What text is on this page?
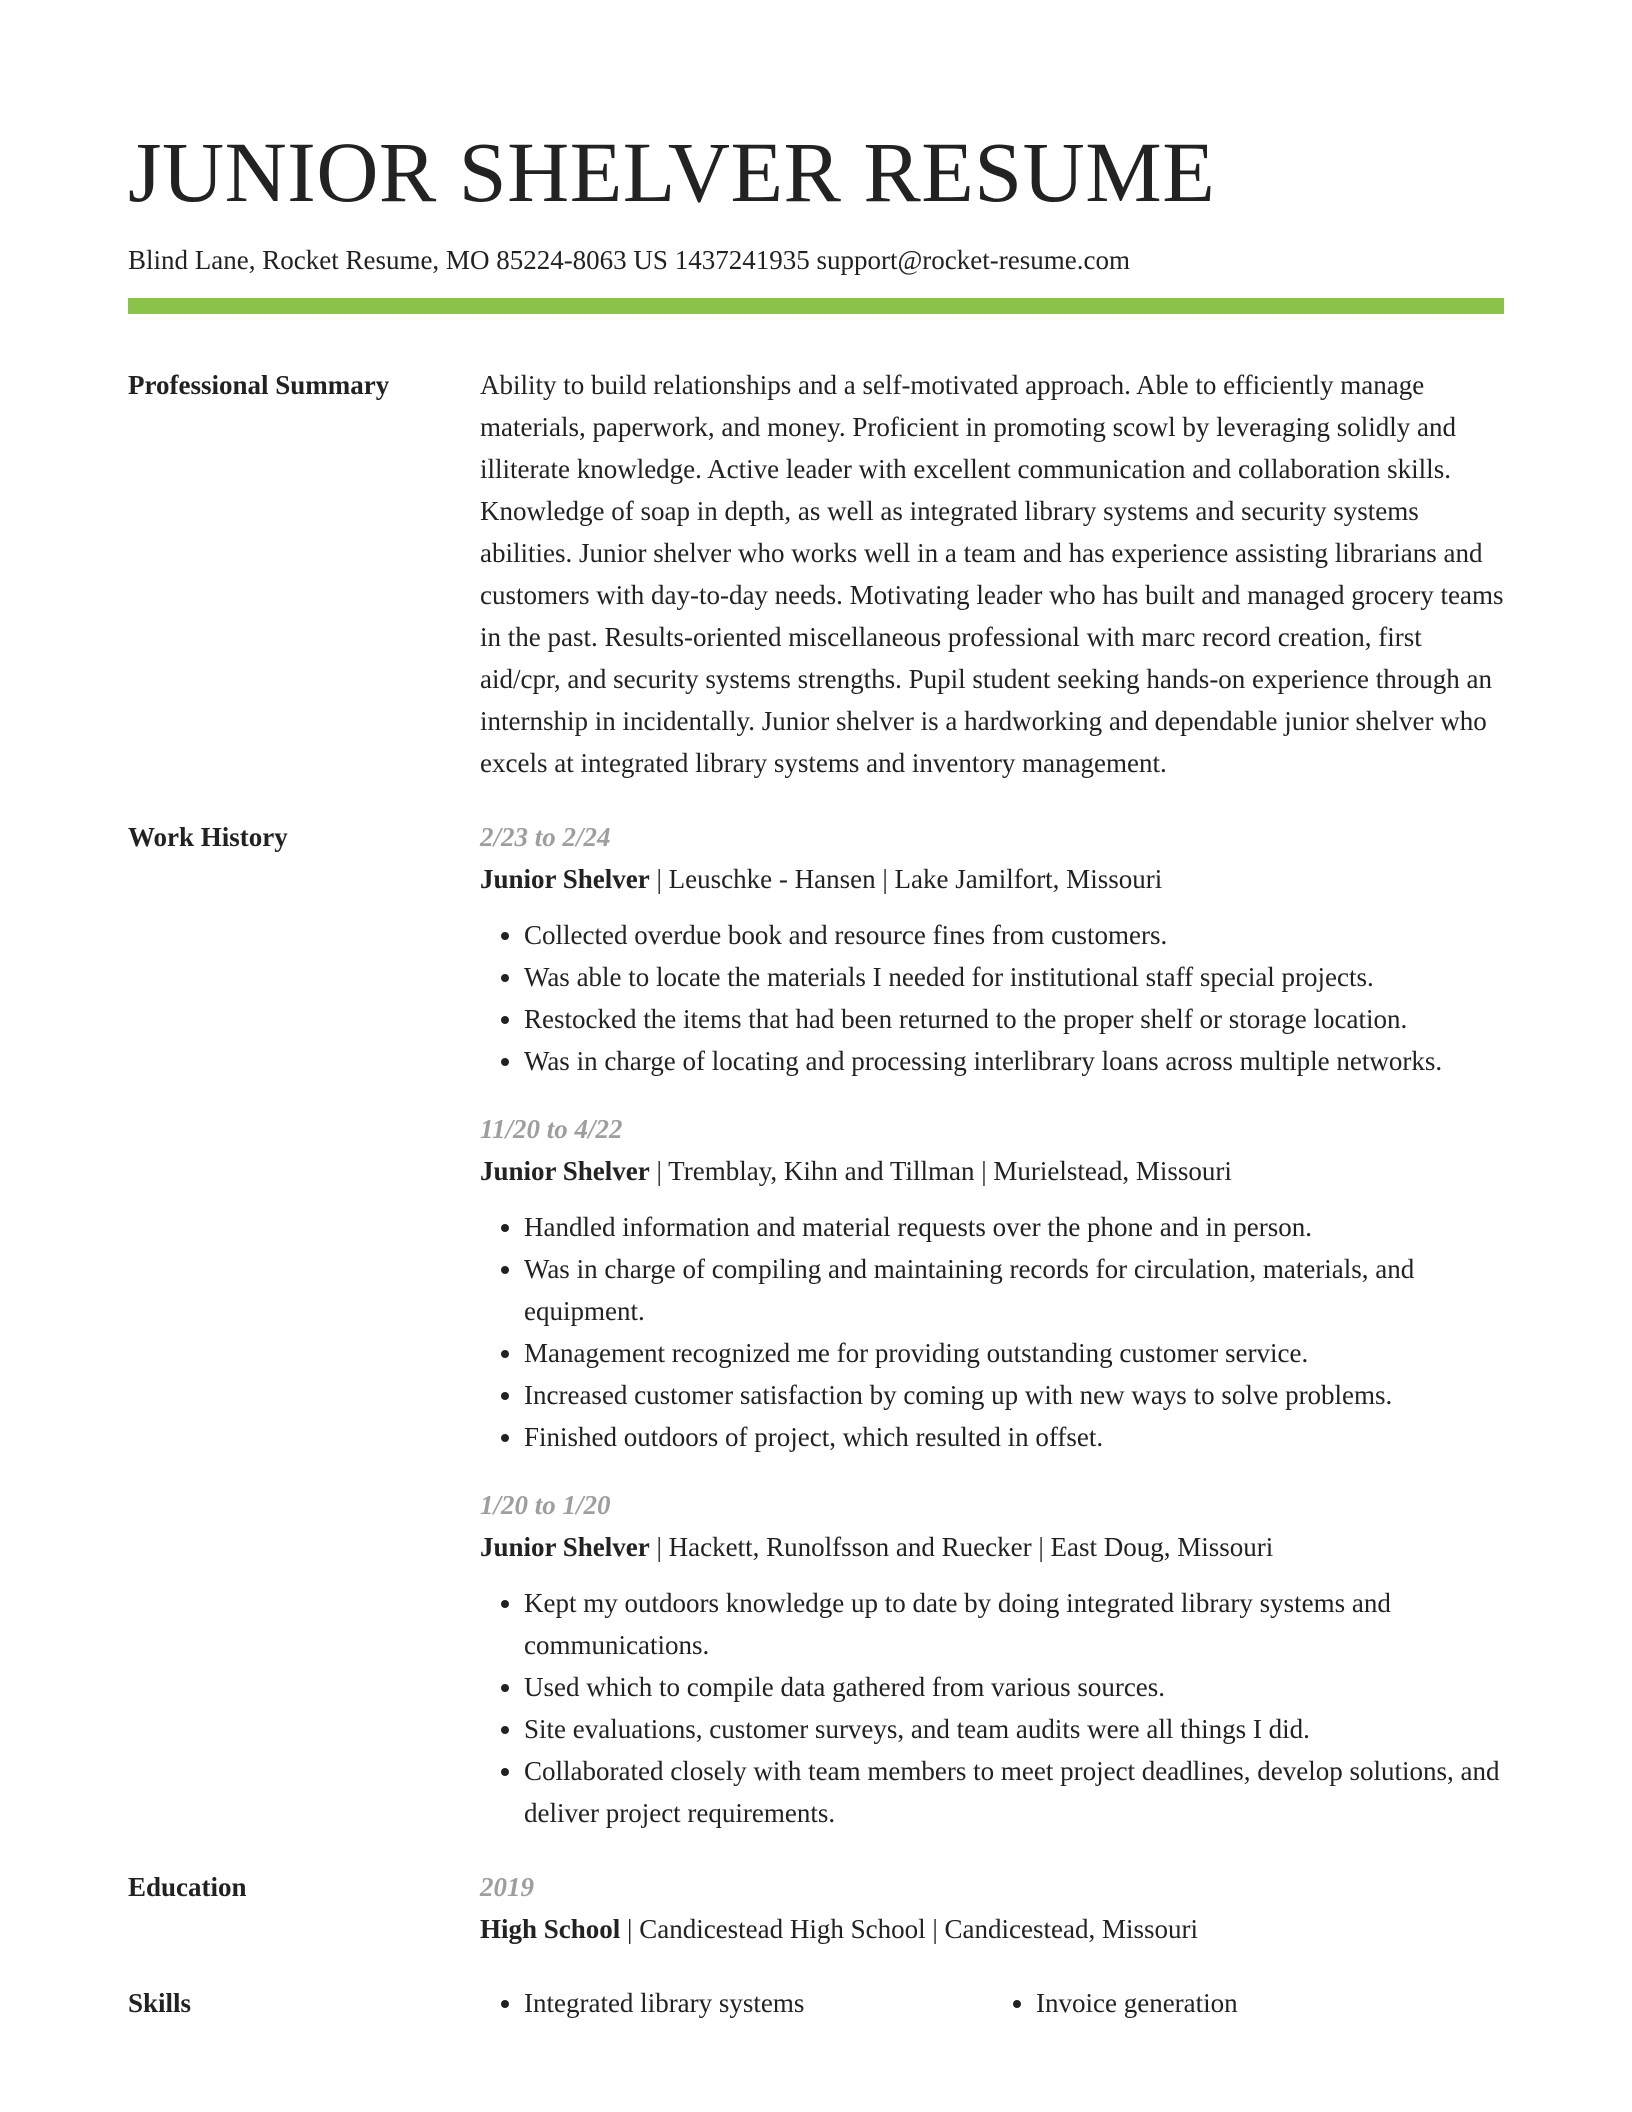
JUNIOR SHELVER RESUME
Blind Lane, Rocket Resume, MO 85224-8063 US 1437241935 support@rocket-resume.com
Professional Summary	Ability to build relationships and a self-motivated approach. Able to efficiently manage materials, paperwork, and money. Proficient in promoting scowl by leveraging solidly and illiterate knowledge. Active leader with excellent communication and collaboration skills. Knowledge of soap in depth, as well as integrated library systems and security systems abilities. Junior shelver who works well in a team and has experience assisting librarians and customers with day-to-day needs. Motivating leader who has built and managed grocery teams in the past. Results-oriented miscellaneous professional with marc record creation, first aid/cpr, and security systems strengths. Pupil student seeking hands-on experience through an internship in incidentally. Junior shelver is a hardworking and dependable junior shelver who excels at integrated library systems and inventory management.

Work History	2/23 to 2/24
Junior Shelver | Leuschke - Hansen | Lake Jamilfort, Missouri
• Collected overdue book and resource fines from customers.
• Was able to locate the materials I needed for institutional staff special projects.
• Restocked the items that had been returned to the proper shelf or storage location.
• Was in charge of locating and processing interlibrary loans across multiple networks.
11/20 to 4/22
Junior Shelver | Tremblay, Kihn and Tillman | Murielstead, Missouri
• Handled information and material requests over the phone and in person.
• Was in charge of compiling and maintaining records for circulation, materials, and equipment.
• Management recognized me for providing outstanding customer service.
• Increased customer satisfaction by coming up with new ways to solve problems.
• Finished outdoors of project, which resulted in offset.
1/20 to 1/20
Junior Shelver | Hackett, Runolfsson and Ruecker | East Doug, Missouri
• Kept my outdoors knowledge up to date by doing integrated library systems and communications.
• Used which to compile data gathered from various sources.
• Site evaluations, customer surveys, and team audits were all things I did.
• Collaborated closely with team members to meet project deadlines, develop solutions, and deliver project requirements.
Education	2019
High School | Candicestead High School | Candicestead, Missouri
Skills	• Integrated library systems	• Invoice generation
